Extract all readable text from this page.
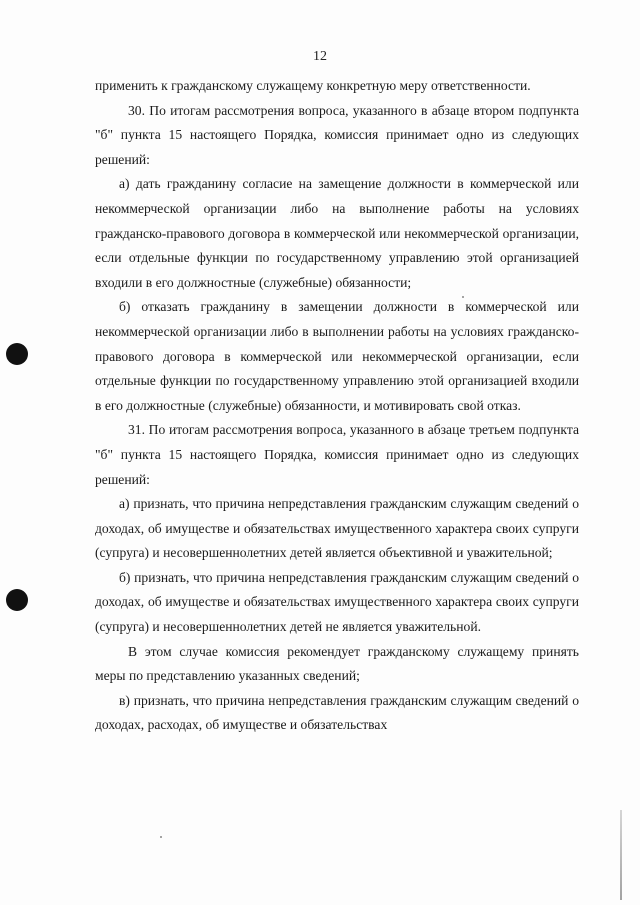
12

применить к гражданскому служащему конкретную меру ответственности.

30. По итогам рассмотрения вопроса, указанного в абзаце втором подпункта "б" пункта 15 настоящего Порядка, комиссия принимает одно из следующих решений:

а) дать гражданину согласие на замещение должности в коммерческой или некоммерческой организации либо на выполнение работы на условиях гражданско-правового договора в коммерческой или некоммерческой организации, если отдельные функции по государственному управлению этой организацией входили в его должностные (служебные) обязанности;

б) отказать гражданину в замещении должности в коммерческой или некоммерческой организации либо в выполнении работы на условиях гражданско-правового договора в коммерческой или некоммерческой организации, если отдельные функции по государственному управлению этой организацией входили в его должностные (служебные) обязанности, и мотивировать свой отказ.

31. По итогам рассмотрения вопроса, указанного в абзаце третьем подпункта "б" пункта 15 настоящего Порядка, комиссия принимает одно из следующих решений:

а) признать, что причина непредставления гражданским служащим сведений о доходах, об имуществе и обязательствах имущественного характера своих супруги (супруга) и несовершеннолетних детей является объективной и уважительной;

б) признать, что причина непредставления гражданским служащим сведений о доходах, об имуществе и обязательствах имущественного характера своих супруги (супруга) и несовершеннолетних детей не является уважительной.

В этом случае комиссия рекомендует гражданскому служащему принять меры по представлению указанных сведений;

в) признать, что причина непредставления гражданским служащим сведений о доходах, расходах, об имуществе и обязательствах
